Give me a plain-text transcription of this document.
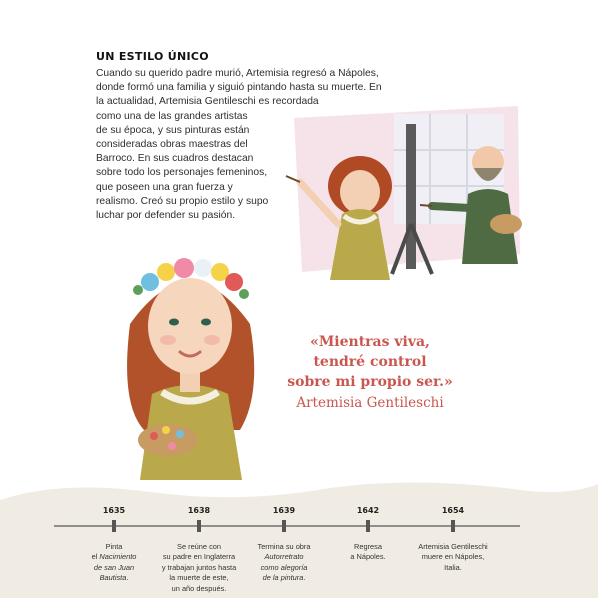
UN ESTILO ÚNICO
Cuando su querido padre murió, Artemisia regresó a Nápoles,
donde formó una familia y siguió pintando hasta su muerte. En
la actualidad, Artemisia Gentileschi es recordada
como una de las grandes artistas
de su época, y sus pinturas están
consideradas obras maestras del
Barroco. En sus cuadros destacan
sobre todo los personajes femeninos,
que poseen una gran fuerza y
realismo. Creó su propio estilo y supo
luchar por defender su pasión.
«Mientras viva,
tendré control
sobre mi propio ser.»
Artemisia Gentileschi
1635
Pinta
el Nacimiento
de san Juan
Bautista.
1638
Se reúne con
su padre en Inglaterra
y trabajan juntos hasta
la muerte de este,
un año después.
1639
Termina su obra
Autorretrato
como alegoría
de la pintura.
1642
Regresa
a Nápoles.
1654
Artemisia Gentileschi
muere en Nápoles,
Italia.
